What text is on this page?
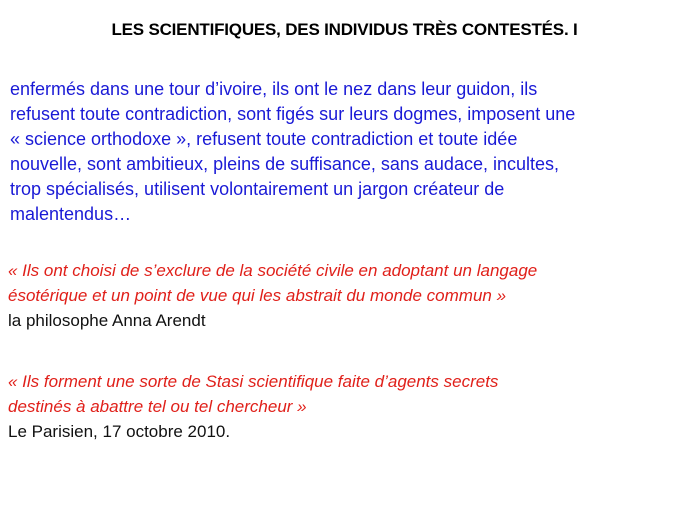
LES SCIENTIFIQUES, DES INDIVIDUS TRÈS CONTESTÉS. I
enfermés dans une tour d’ivoire, ils ont le nez dans leur guidon, ils
refusent toute contradiction, sont figés sur leurs dogmes, imposent une
« science orthodoxe », refusent toute contradiction et toute idée
nouvelle, sont ambitieux, pleins de suffisance, sans audace, incultes,
trop spécialisés, utilisent volontairement un jargon créateur de
malentendus…
« Ils ont choisi de s’exclure de la société civile en adoptant un langage
ésotérique et un point de vue qui les abstrait du monde commun »
la philosophe Anna Arendt
« Ils forment une sorte de Stasi scientifique faite d’agents secrets
destinés à abattre tel ou tel chercheur »
Le Parisien, 17 octobre 2010.
